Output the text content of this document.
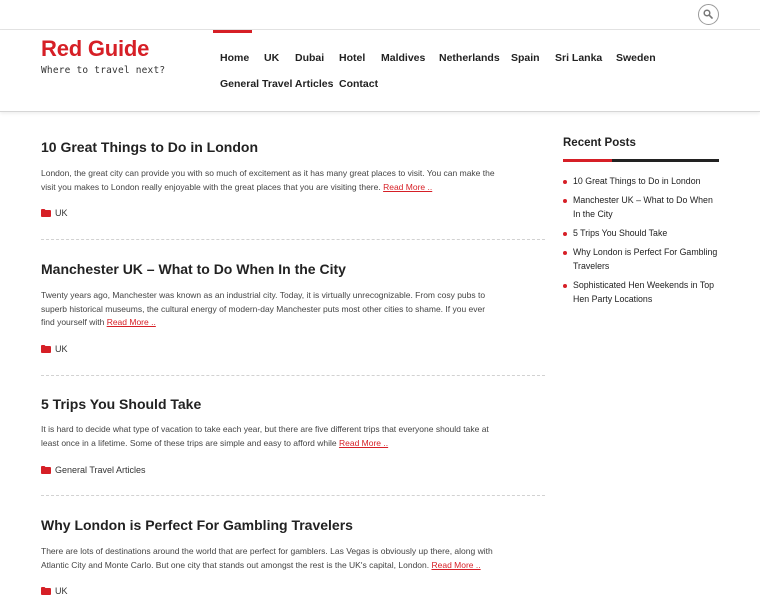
Red Guide
Where to travel next?
Home UK Dubai Hotel Maldives Netherlands Spain Sri Lanka Sweden
General Travel Articles Contact
10 Great Things to Do in London
London, the great city can provide you with so much of excitement as it has many great places to visit. You can make the
visit you makes to London really enjoyable with the great places that you are visiting there. Read More ..
UK
Manchester UK – What to Do When In the City
Twenty years ago, Manchester was known as an industrial city. Today, it is virtually unrecognizable. From cosy pubs to
superb historical museums, the cultural energy of modern-day Manchester puts most other cities to shame. If you ever
find yourself with Read More ..
UK
5 Trips You Should Take
It is hard to decide what type of vacation to take each year, but there are five different trips that everyone should take at
least once in a lifetime. Some of these trips are simple and easy to afford while Read More ..
General Travel Articles
Why London is Perfect For Gambling Travelers
There are lots of destinations around the world that are perfect for gamblers. Las Vegas is obviously up there, along with
Atlantic City and Monte Carlo. But one city that stands out amongst the rest is the UK's capital, London. Read More ..
UK
Recent Posts
10 Great Things to Do in London
Manchester UK – What to Do When In the City
5 Trips You Should Take
Why London is Perfect For Gambling Travelers
Sophisticated Hen Weekends in Top Hen Party Locations
